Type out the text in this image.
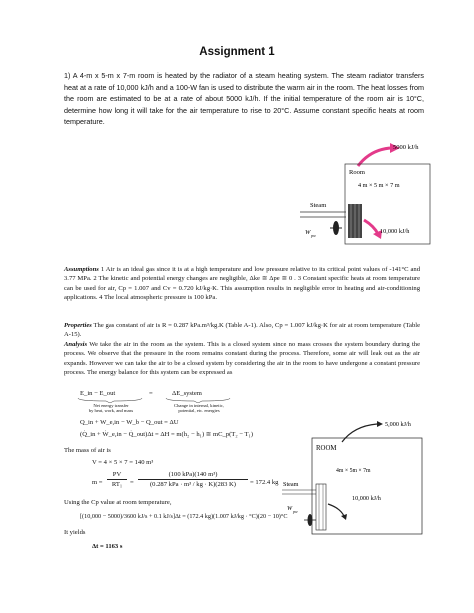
Assignment 1
1) A 4-m x 5-m x 7-m room is heated by the radiator of a steam heating system. The steam radiator transfers heat at a rate of 10,000 kJ/h and a 100-W fan is used to distribute the warm air in the room. The heat losses from the room are estimated to be at a rate of about 5000 kJ/h. If the initial temperature of the room air is 10°C, determine how long it will take for the air temperature to rise to 20°C. Assume constant specific heats at room temperature.
5000 kJ/h
Room
4 m × 5 m × 7 m
Steam
W pw
10,000 kJ/h
Assumptions 1 Air is an ideal gas since it is at a high temperature and low pressure relative to its critical point values of -141°C and 3.77 MPa. 2 The kinetic and potential energy changes are negligible, Δke ≅ Δpe ≅ 0 . 3 Constant specific heats at room temperature can be used for air, Cp = 1.007 and Cv = 0.720 kJ/kg·K. This assumption results in negligible error in heating and air-conditioning applications. 4 The local atmospheric pressure is 100 kPa.
Properties The gas constant of air is R = 0.287 kPa.m³/kg.K (Table A-1). Also, Cp = 1.007 kJ/kg·K for air at room temperature (Table A-15).
Analysis We take the air in the room as the system. This is a closed system since no mass crosses the system boundary during the process. We observe that the pressure in the room remains constant during the process. Therefore, some air will leak out as the air expands. However we can take the air to be a closed system by considering the air in the room to have undergone a constant pressure process. The energy balance for this system can be expressed as
E_in − E_out	=	ΔE_system
Net energy transfer
by heat, work, and mass
Change in internal, kinetic,
potential, etc. energies
Q_in + W_e,in − W_b − Q_out = ΔU
(Q̇_in + Ẇ_e,in − Q̇_out)Δt = ΔH = m(h₂ − h₁) ≅ mC_p(T₂ − T₁)
The mass of air is
V = 4 × 5 × 7 = 140 m³
m =
PV
RT₁	=
(100 kPa)(140 m³)
(0.287 kPa · m³ / kg · K)(283 K)	= 172.4 kg
Using the Cp value at room temperature,
[(10,000 − 5000)/3600 kJ/s + 0.1 kJ/s]Δt = (172.4 kg)(1.007 kJ/kg · °C)(20 − 10)°C
It yields
Δt = 1163 s
5,000 kJ/h
ROOM
4m × 5m × 7m
Steam
W pw
10,000 kJ/h
